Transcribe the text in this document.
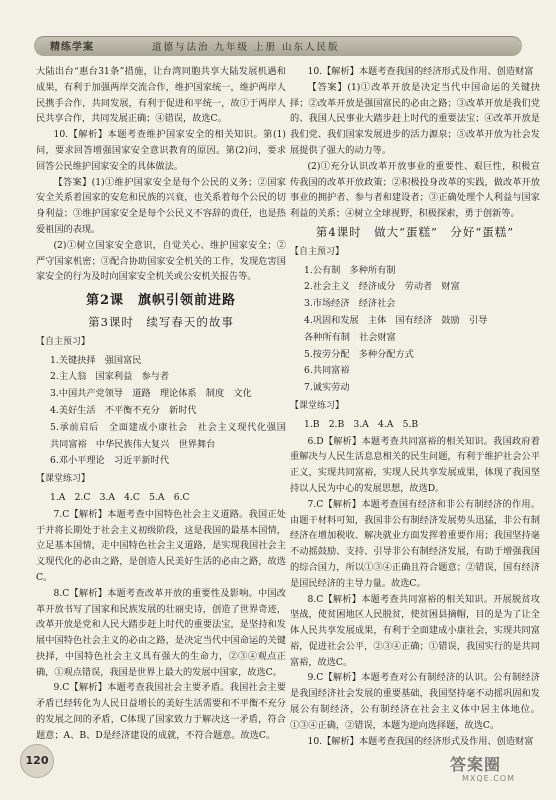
精练学案	道德与法治 九年级 上册 山东人民版

大陆出台“惠台31条”措施，让台湾同胞共享大陆发展机遇和成果，有利于加强两岸交流合作，维护国家统一，维护两岸人民携手合作，共同发展，有利于促进和平统一，故①于两岸人民共享合作，共同发展正确；④错误，故选C。

10.【解析】本题考查维护国家安全的相关知识。第(1)问，要求回答增强国家安全意识教育的原因。第(2)问，要求回答公民维护国家安全的具体做法。

【答案】(1)①维护国家安全是每个公民的义务；②国家安全关系着国家的安危和民族的兴衰，也关系着每个公民的切身利益；③维护国家安全是每个公民义不容辞的责任，也是热爱祖国的表现。

(2)①树立国家安全意识，自觉关心、维护国家安全；②严守国家机密；③配合协助国家安全机关的工作，发现危害国家安全的行为及时向国家安全机关或公安机关报告等。

第2课　旗帜引领前进路
第3课时　续写春天的故事
【自主预习】

1.关键抉择　强国富民

2.主人翁　国家利益　参与者

3.中国共产党领导　道路　理论体系　制度　文化

4.美好生活　不平衡不充分　新时代

5.承前启后　全面建成小康社会　社会主义现代化强国　共同富裕　中华民族伟大复兴　世界舞台

6.邓小平理论　习近平新时代

【课堂练习】

1.A　2.C　3.A　4.C　5.A　6.C

7.C【解析】本题考查中国特色社会主义道路。我国正处于并将长期处于社会主义初级阶段，这是我国的最基本国情，立足基本国情，走中国特色社会主义道路，是实现我国社会主义现代化的必由之路，是创造人民美好生活的必由之路，故选C。

8.C【解析】本题考查改革开放的重要性及影响。中国改革开放书写了国家和民族发展的壮丽史诗，创造了世界奇迹，改革开放是党和人民大踏步赶上时代的重要法宝，是坚持和发展中国特色社会主义的必由之路，是决定当代中国命运的关键抉择，中国特色社会主义具有强大的生命力，②③④观点正确，①观点错误，我国是世界上最大的发展中国家，故选C。

9.C【解析】本题考查我国社会主要矛盾。我国社会主要矛盾已经转化为人民日益增长的美好生活需要和不平衡不充分的发展之间的矛盾，C体现了国家致力于解决这一矛盾，符合题意；A、B、D是经济建设的成就，不符合题意。故选C。

10.【解析】本题考查我国的经济形式及作用、创造财富

【答案】(1)①改革开放是决定当代中国命运的关键抉择；②改革开放是强国富民的必由之路；③改革开放是我们党的、我国人民事业大踏步赶上时代的重要法宝；④改革开放是我们党、我们国家发展进步的活力源泉；⑤改革开放为社会发展提供了强大的动力等。

(2)①充分认识改革开放事业的重要性、艰巨性，积极宣传我国的改革开放政策；②积极投身改革的实践，做改革开放事业的拥护者、参与者和建设者；③正确处理个人利益与国家利益的关系；④树立全球视野，积极探索，勇于创新等。

第4课时　做大“蛋糕”　分好“蛋糕”
【自主预习】

1.公有制　多种所有制

2.社会主义　经济成分　劳动者　财富

3.市场经济　经济社会

4.巩固和发展　主体　国有经济　鼓励　引导

各种所有制　社会财富

5.按劳分配　多种分配方式

6.共同富裕

7.诚实劳动

【课堂练习】

1.B　2.B　3.A　4.A　5.B

6.D【解析】本题考查共同富裕的相关知识。我国政府着重解决与人民生活息息相关的民生问题，有利于维护社会公平正义，实现共同富裕，实现人民共享发展成果，体现了我国坚持以人民为中心的发展思想，故选D。

7.C【解析】本题考查国有经济和非公有制经济的作用。由题干材料可知，我国非公有制经济发展势头迅猛，非公有制经济在增加税收、解决就业方面发挥着重要作用；我国坚持毫不动摇鼓励、支持、引导非公有制经济发展，有助于增强我国的综合国力，所以①③④正确且符合题意；②错误，国有经济是国民经济的主导力量。故选C。

8.C【解析】本题考查共同富裕的相关知识。开展脱贫攻坚战，使贫困地区人民脱贫，使贫困县摘帽，目的是为了让全体人民共享发展成果，有利于全面建成小康社会，实现共同富裕，促进社会公平，②③④正确；①错误，我国实行的是共同富裕，故选C。

9.C【解析】本题考查对公有制经济的认识。公有制经济是我国经济社会发展的重要基础，我国坚持毫不动摇巩固和发展公有制经济，公有制经济在社会主义体中居主体地位。①③④正确，②错误，本题为逆向选择题，故选C。

10.【解析】本题考查我国的经济形式及作用、创造财富

120	答案圈
MXQE.COM
